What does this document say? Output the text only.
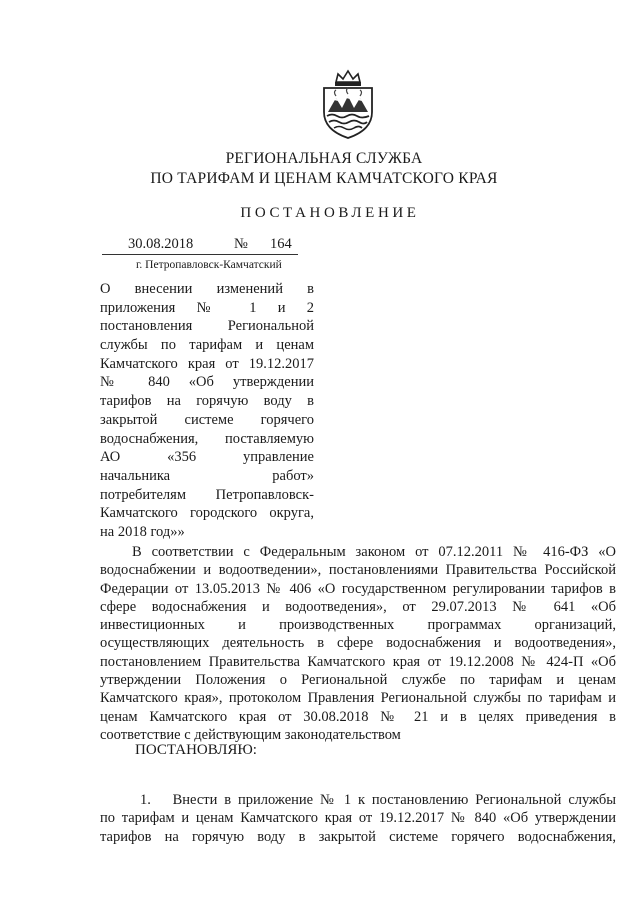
РЕГИОНАЛЬНАЯ СЛУЖБА
ПО ТАРИФАМ И ЦЕНАМ КАМЧАТСКОГО КРАЯ
ПОСТАНОВЛЕНИЕ
30.08.2018	№ 164
г. Петропавловск-Камчатский
О внесении изменений в
приложения № 1 и 2
постановления Региональной
службы по тарифам и ценам
Камчатского края от 19.12.2017
№ 840 «Об утверждении
тарифов на горячую воду в
закрытой системе горячего
водоснабжения, поставляемую
АО «356 управление
начальника работ»
потребителям Петропавловск-
Камчатского городского округа,
на 2018 год»»
В соответствии с Федеральным законом от 07.12.2011 № 416-ФЗ «О
водоснабжении и водоотведении», постановлениями Правительства Российской
Федерации от 13.05.2013 № 406 «О государственном регулировании тарифов в
сфере водоснабжения и водоотведения», от 29.07.2013 № 641 «Об
инвестиционных и производственных программах организаций,
осуществляющих деятельность в сфере водоснабжения и водоотведения»,
постановлением Правительства Камчатского края от 19.12.2008 № 424-П «Об
утверждении Положения о Региональной службе по тарифам и ценам
Камчатского края», протоколом Правления Региональной службы по тарифам и
ценам Камчатского края от 30.08.2018 № 21 и в целях приведения в
соответствие с действующим законодательством
ПОСТАНОВЛЯЮ:
1.  Внести в приложение № 1 к постановлению Региональной службы
по тарифам и ценам Камчатского края от 19.12.2017 № 840 «Об утверждении
тарифов на горячую воду в закрытой системе горячего водоснабжения,
